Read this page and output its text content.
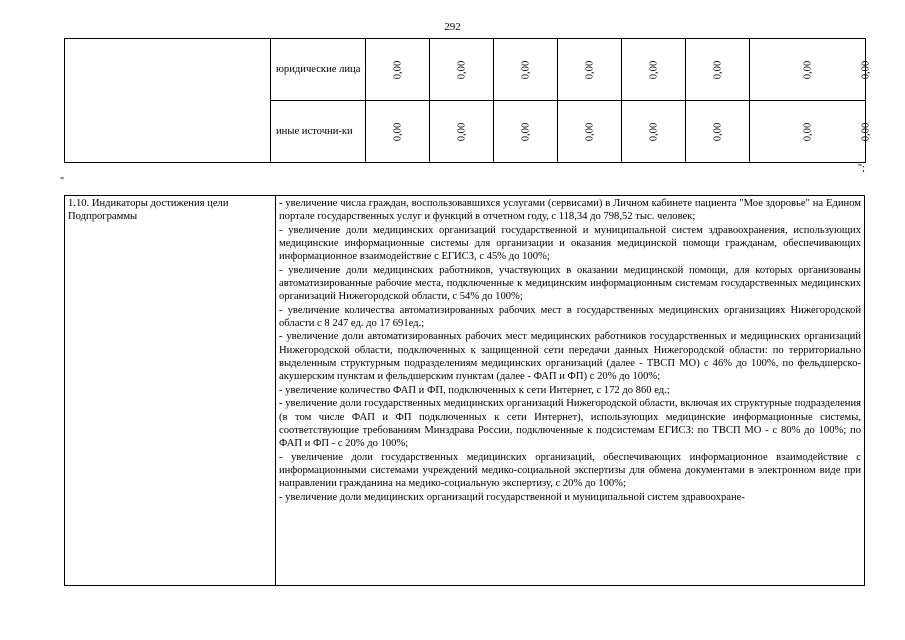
292
	юридические лица	0,00	0,00	0,00	0,00	0,00	0,00	0,00	0,00

	иные источни-ки	0,00	0,00	0,00	0,00	0,00	0,00	0,00	0,00
";
"
1.10. Индикаторы достижения цели Подпрограммы	

- увеличение числа граждан, воспользовавшихся услугами (сервисами) в Личном кабинете пациента "Мое здоровье" на Едином портале государственных услуг и функций в отчетном году, с 118,34 до 798,52 тыс. человек;

- увеличение доли медицинских организаций государственной и муниципальной систем здравоохранения, использующих медицинские информационные системы для организации и оказания медицинской помощи гражданам, обеспечивающих информационное взаимодействие с ЕГИСЗ, с 45% до 100%;

- увеличение доли медицинских работников, участвующих в оказании медицинской помощи, для которых организованы автоматизированные рабочие места, подключенные к медицинским информационным системам государственных медицинских организаций Нижегородской области, с 54% до 100%;

- увеличение количества автоматизированных рабочих мест в государственных медицинских организациях Нижегородской области с 8 247 ед. до 17 691ед.;

- увеличение доли автоматизированных рабочих мест медицинских работников государственных и медицинских организаций Нижегородской области, подключенных к защищенной сети передачи данных Нижегородской области: по территориально выделенным структурным подразделениям медицинских организаций (далее - ТВСП МО) с 46% до 100%, по фельдшерско-акушерским пунктам и фельдшерским пунктам (далее - ФАП и ФП) с 20% до 100%;

- увеличение количество ФАП и ФП, подключенных к сети Интернет, с 172 до 860 ед.;

- увеличение доли государственных медицинских организаций Нижегородской области, включая их структурные подразделения (в том числе ФАП и ФП подключенных к сети Интернет), использующих медицинские информационные системы, соответствующие требованиям Минздрава России, подключенные к подсистемам ЕГИСЗ: по ТВСП МО - с 80% до 100%; по ФАП и ФП - с 20% до 100%;

- увеличение доли государственных медицинских организаций, обеспечивающих информационное взаимодействие с информационными системами учреждений медико-социальной экспертизы для обмена документами в электронном виде при направлении гражданина на медико-социальную экспертизу, с 20% до 100%;

- увеличение доли медицинских организаций государственной и муниципальной систем здравоохране-
